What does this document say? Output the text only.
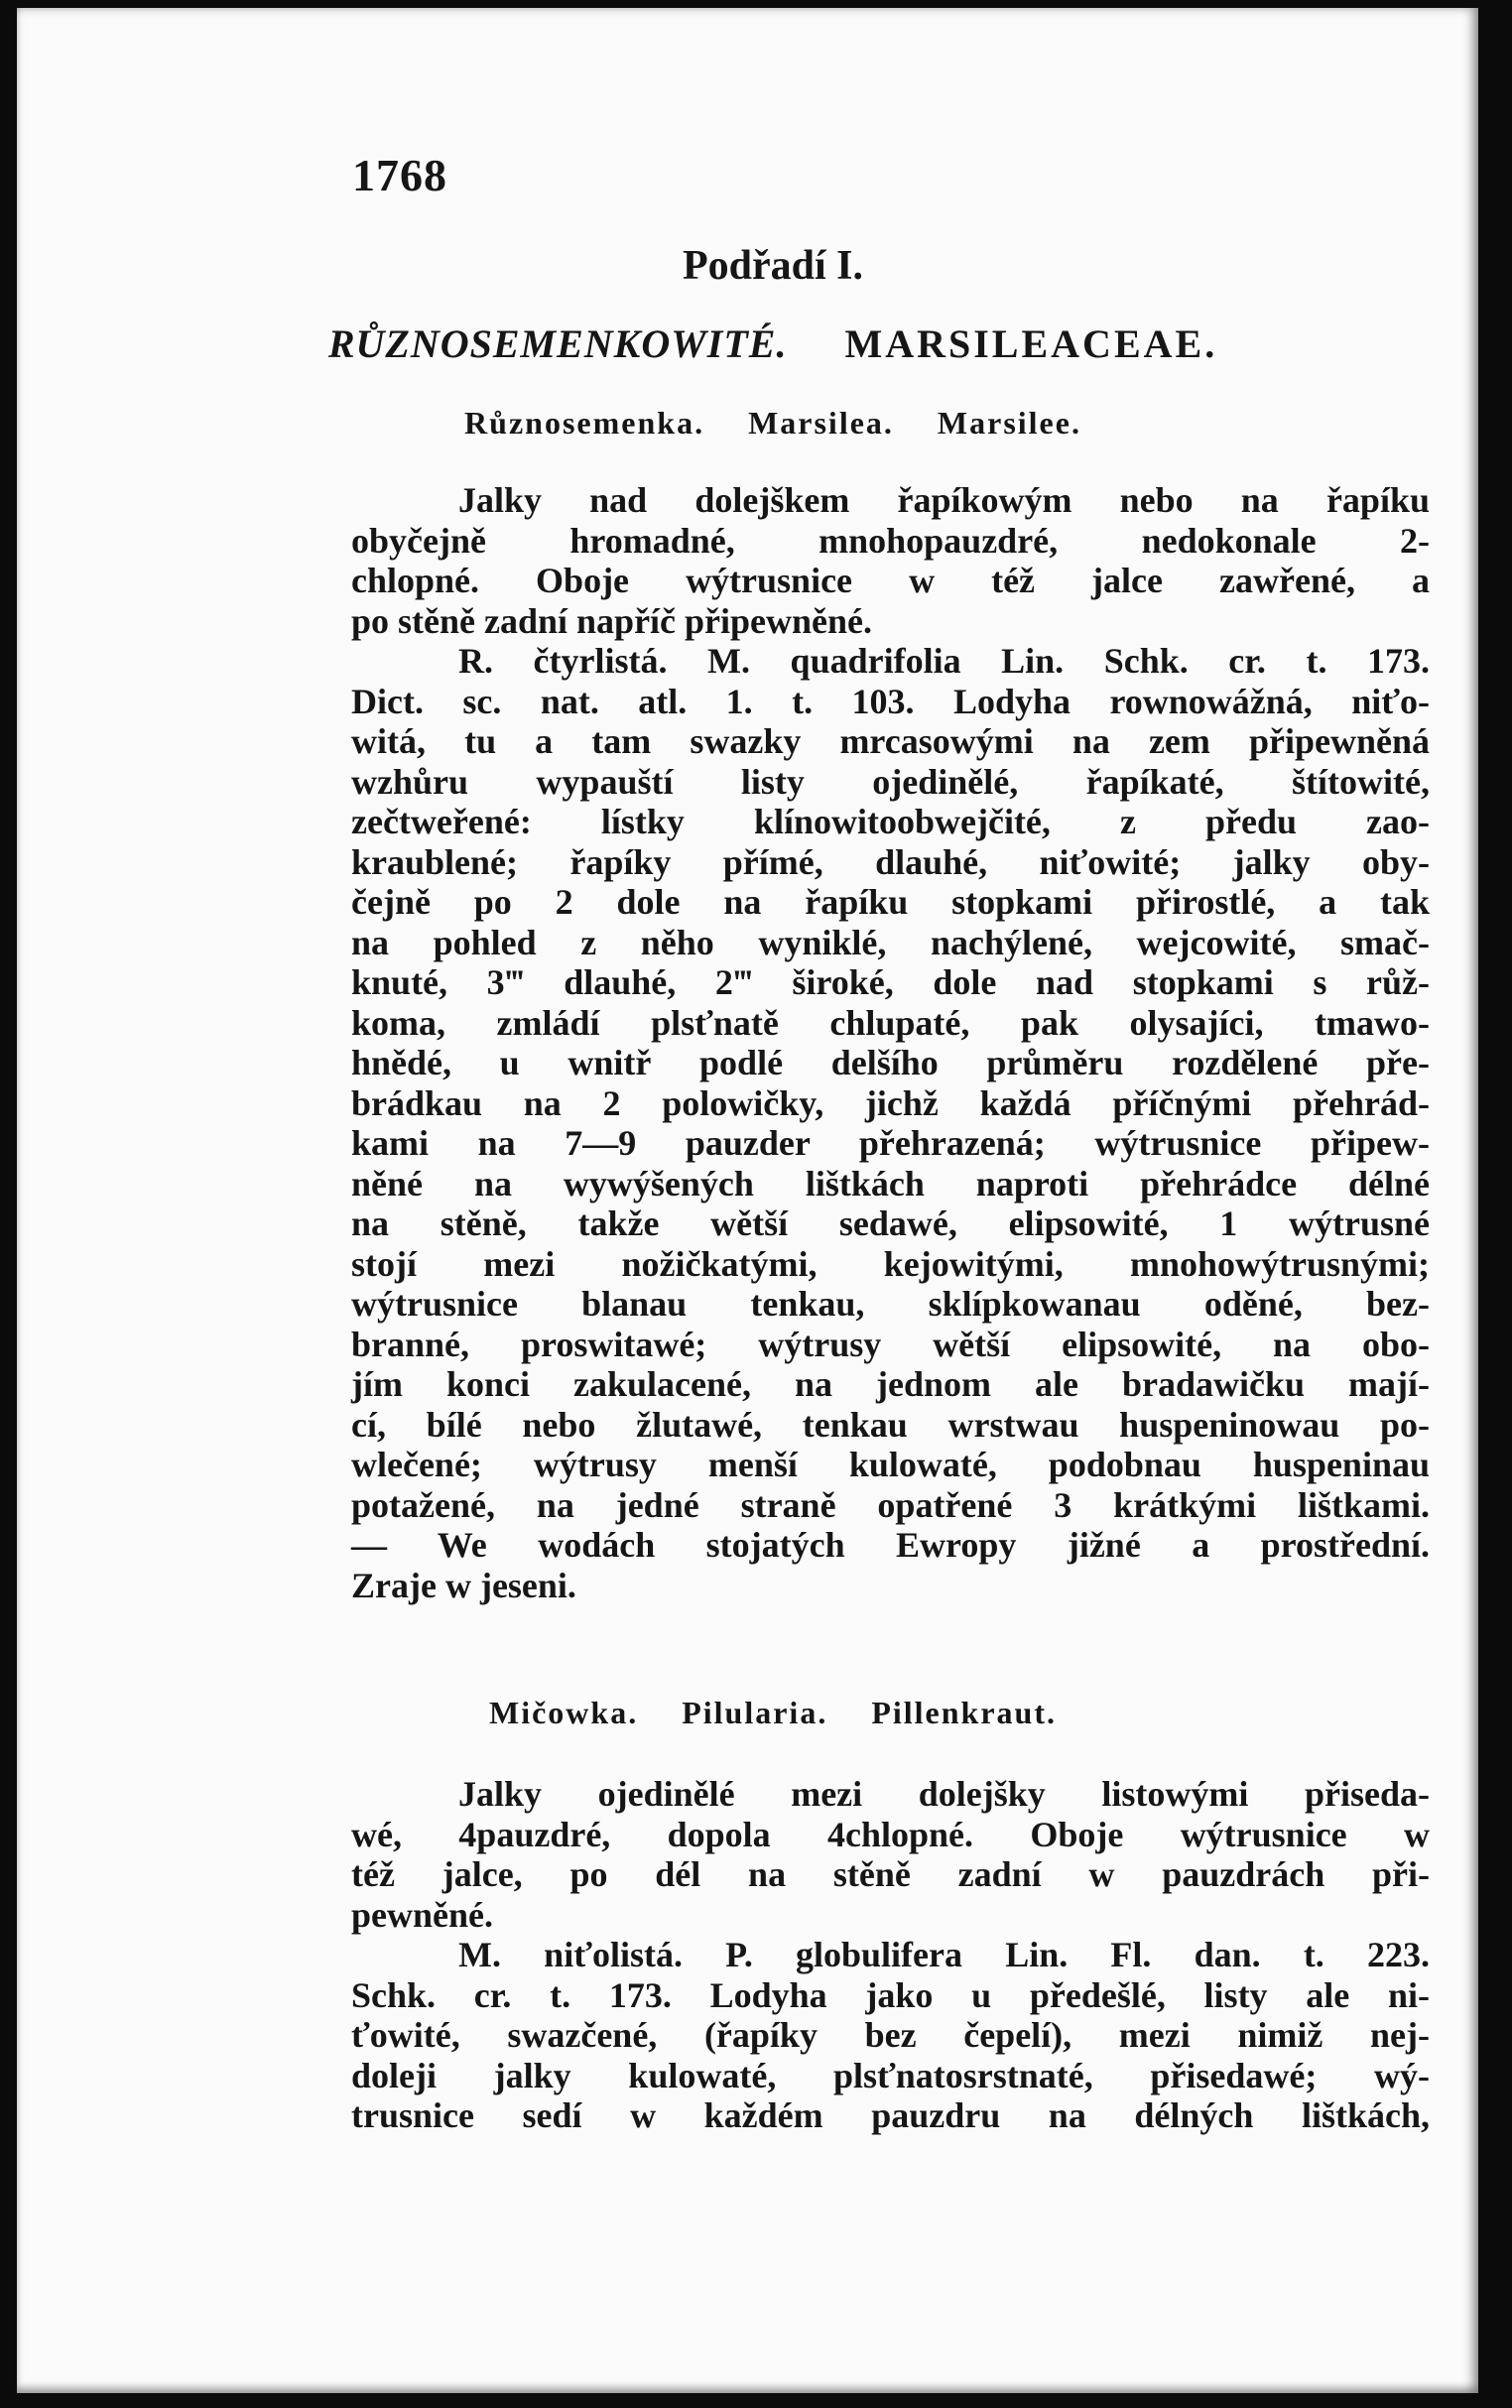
1768
Podřadí I.
RŮZNOSEMENKOWITÉ. MARSILEACEAE.
Různosemenka. Marsilea. Marsilee.
Jalky nad dolejškem řapíkowým nebo na řapíku
obyčejně hromadné, mnohopauzdré, nedokonale 2-
chlopné. Oboje wýtrusnice w též jalce zawřené, a
po stěně zadní napříč připewněné.
R. čtyrlistá. M. quadrifolia Lin. Schk. cr. t. 173.
Dict. sc. nat. atl. 1. t. 103. Lodyha rownowážná, niťo-
witá, tu a tam swazky mrcasowými na zem připewněná
wzhůru wypauští listy ojedinělé, řapíkaté, štítowité,
zečtweřené: lístky klínowitoobwejčité, z předu zao-
kraublené; řapíky přímé, dlauhé, niťowité; jalky oby-
čejně po 2 dole na řapíku stopkami přirostlé, a tak
na pohled z něho wyniklé, nachýlené, wejcowité, smač-
knuté, 3‴ dlauhé, 2‴ široké, dole nad stopkami s růž-
koma, zmládí plsťnatě chlupaté, pak olysajíci, tmawo-
hnědé, u wnitř podlé delšího průměru rozdělené pře-
brádkau na 2 polowičky, jichž každá příčnými přehrád-
kami na 7—9 pauzder přehrazená; wýtrusnice připew-
něné na wywýšených lištkách naproti přehrádce délné
na stěně, takže wětší sedawé, elipsowité, 1 wýtrusné
stojí mezi nožičkatými, kejowitými, mnohowýtrusnými;
wýtrusnice blanau tenkau, sklípkowanau oděné, bez-
branné, proswitawé; wýtrusy wětší elipsowité, na obo-
jím konci zakulacené, na jednom ale bradawičku mají-
cí, bílé nebo žlutawé, tenkau wrstwau huspeninowau po-
wlečené; wýtrusy menší kulowaté, podobnau huspeninau
potažené, na jedné straně opatřené 3 krátkými lištkami.
— We wodách stojatých Ewropy jižné a prostřední.
Zraje w jeseni.
Mičowka. Pilularia. Pillenkraut.
Jalky ojedinělé mezi dolejšky listowými přiseda-
wé, 4pauzdré, dopola 4chlopné. Oboje wýtrusnice w
též jalce, po dél na stěně zadní w pauzdrách při-
pewněné.
M. niťolistá. P. globulifera Lin. Fl. dan. t. 223.
Schk. cr. t. 173. Lodyha jako u předešlé, listy ale ni-
ťowité, swazčené, (řapíky bez čepelí), mezi nimiž nej-
doleji jalky kulowaté, plsťnatosrstnaté, přisedawé; wý-
trusnice sedí w každém pauzdru na délných lištkách,
